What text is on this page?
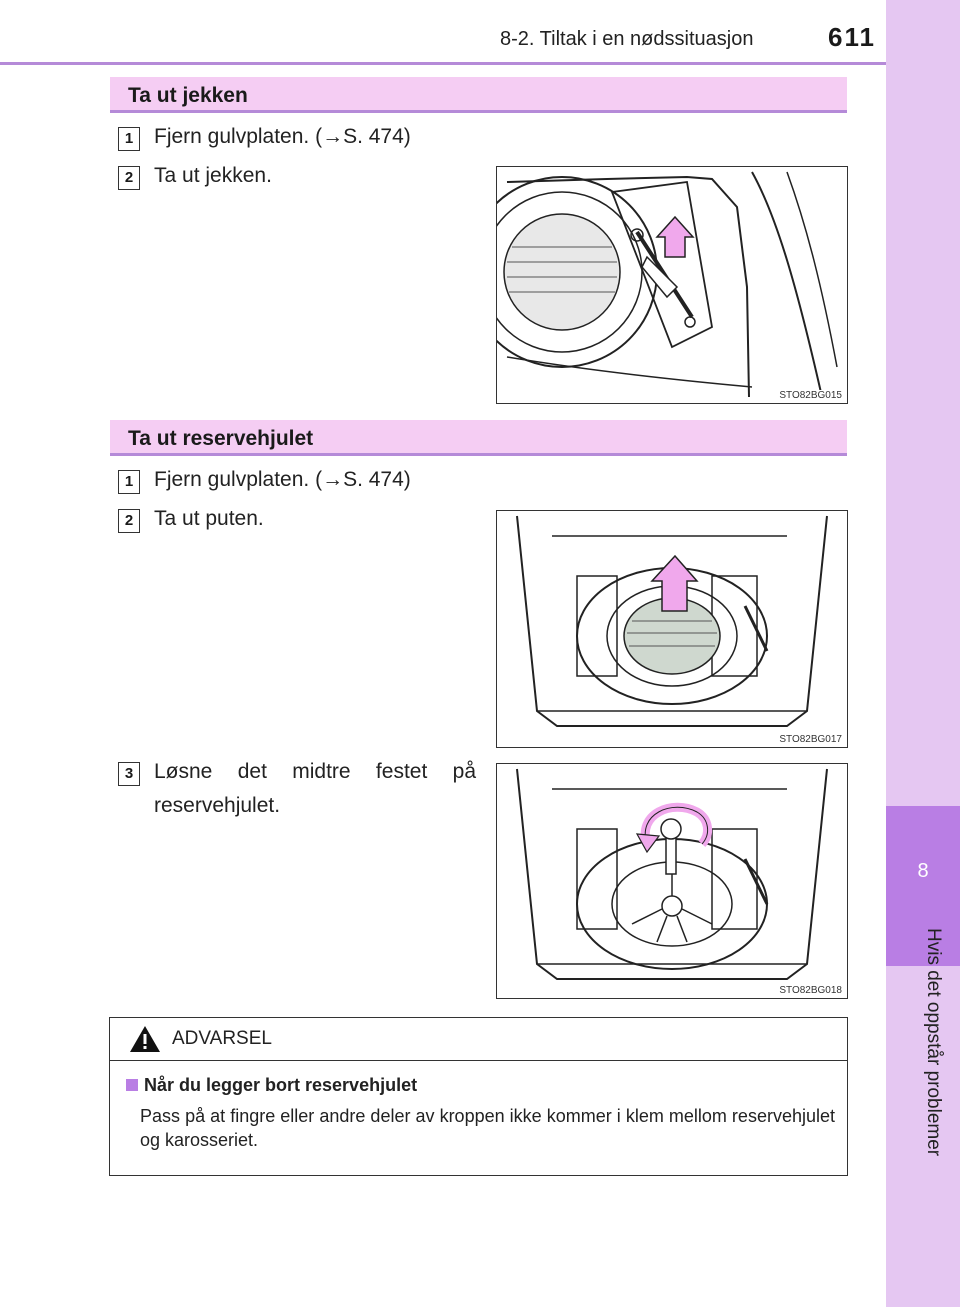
8-2. Tiltak i en nødssituasjon	611
8
Hvis det oppstår problemer
Ta ut jekken
1 Fjern gulvplaten. (→S. 474)
2 Ta ut jekken.
STO82BG015
Ta ut reservehjulet
1 Fjern gulvplaten. (→S. 474)
2 Ta ut puten.
STO82BG017
3 Løsne det midtre festet på reservehjulet.
STO82BG018
ADVARSEL
Når du legger bort reservehjulet
Pass på at fingre eller andre deler av kroppen ikke kommer i klem mellom reservehjulet og karosseriet.
